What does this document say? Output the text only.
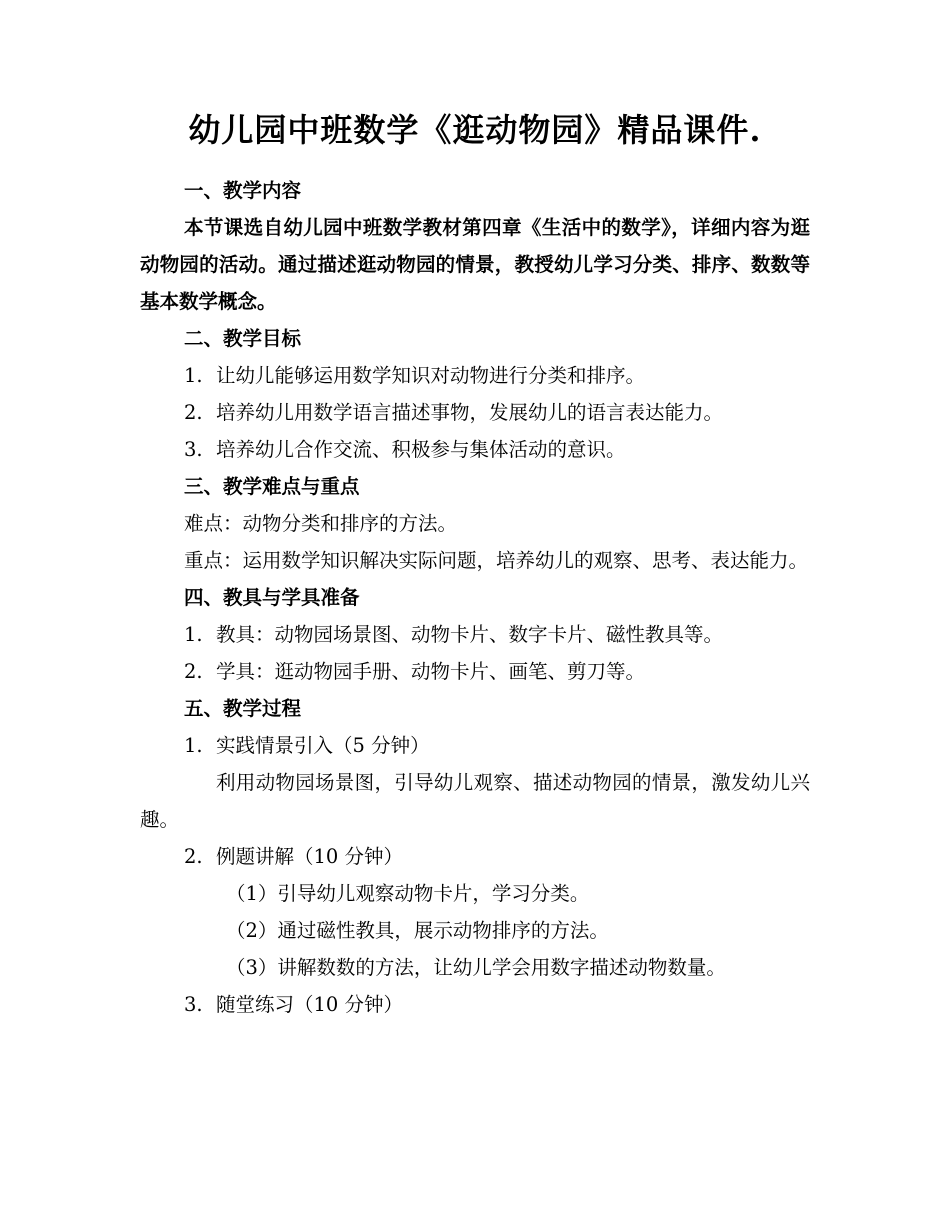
幼儿园中班数学《逛动物园》精品课件.

一、教学内容

本节课选自幼儿园中班数学教材第四章《生活中的数学》，详细内容为逛动物园的活动。通过描述逛动物园的情景，教授幼儿学习分类、排序、数数等基本数学概念。

二、教学目标

1. 让幼儿能够运用数学知识对动物进行分类和排序。

2. 培养幼儿用数学语言描述事物，发展幼儿的语言表达能力。

3. 培养幼儿合作交流、积极参与集体活动的意识。

三、教学难点与重点

难点：动物分类和排序的方法。

重点：运用数学知识解决实际问题，培养幼儿的观察、思考、表达能力。

四、教具与学具准备

1. 教具：动物园场景图、动物卡片、数字卡片、磁性教具等。

2. 学具：逛动物园手册、动物卡片、画笔、剪刀等。

五、教学过程

1. 实践情景引入（5 分钟）

利用动物园场景图，引导幼儿观察、描述动物园的情景，激发幼儿兴趣。

2. 例题讲解（10 分钟）

（1）引导幼儿观察动物卡片，学习分类。

（2）通过磁性教具，展示动物排序的方法。

（3）讲解数数的方法，让幼儿学会用数字描述动物数量。

3. 随堂练习（10 分钟）
